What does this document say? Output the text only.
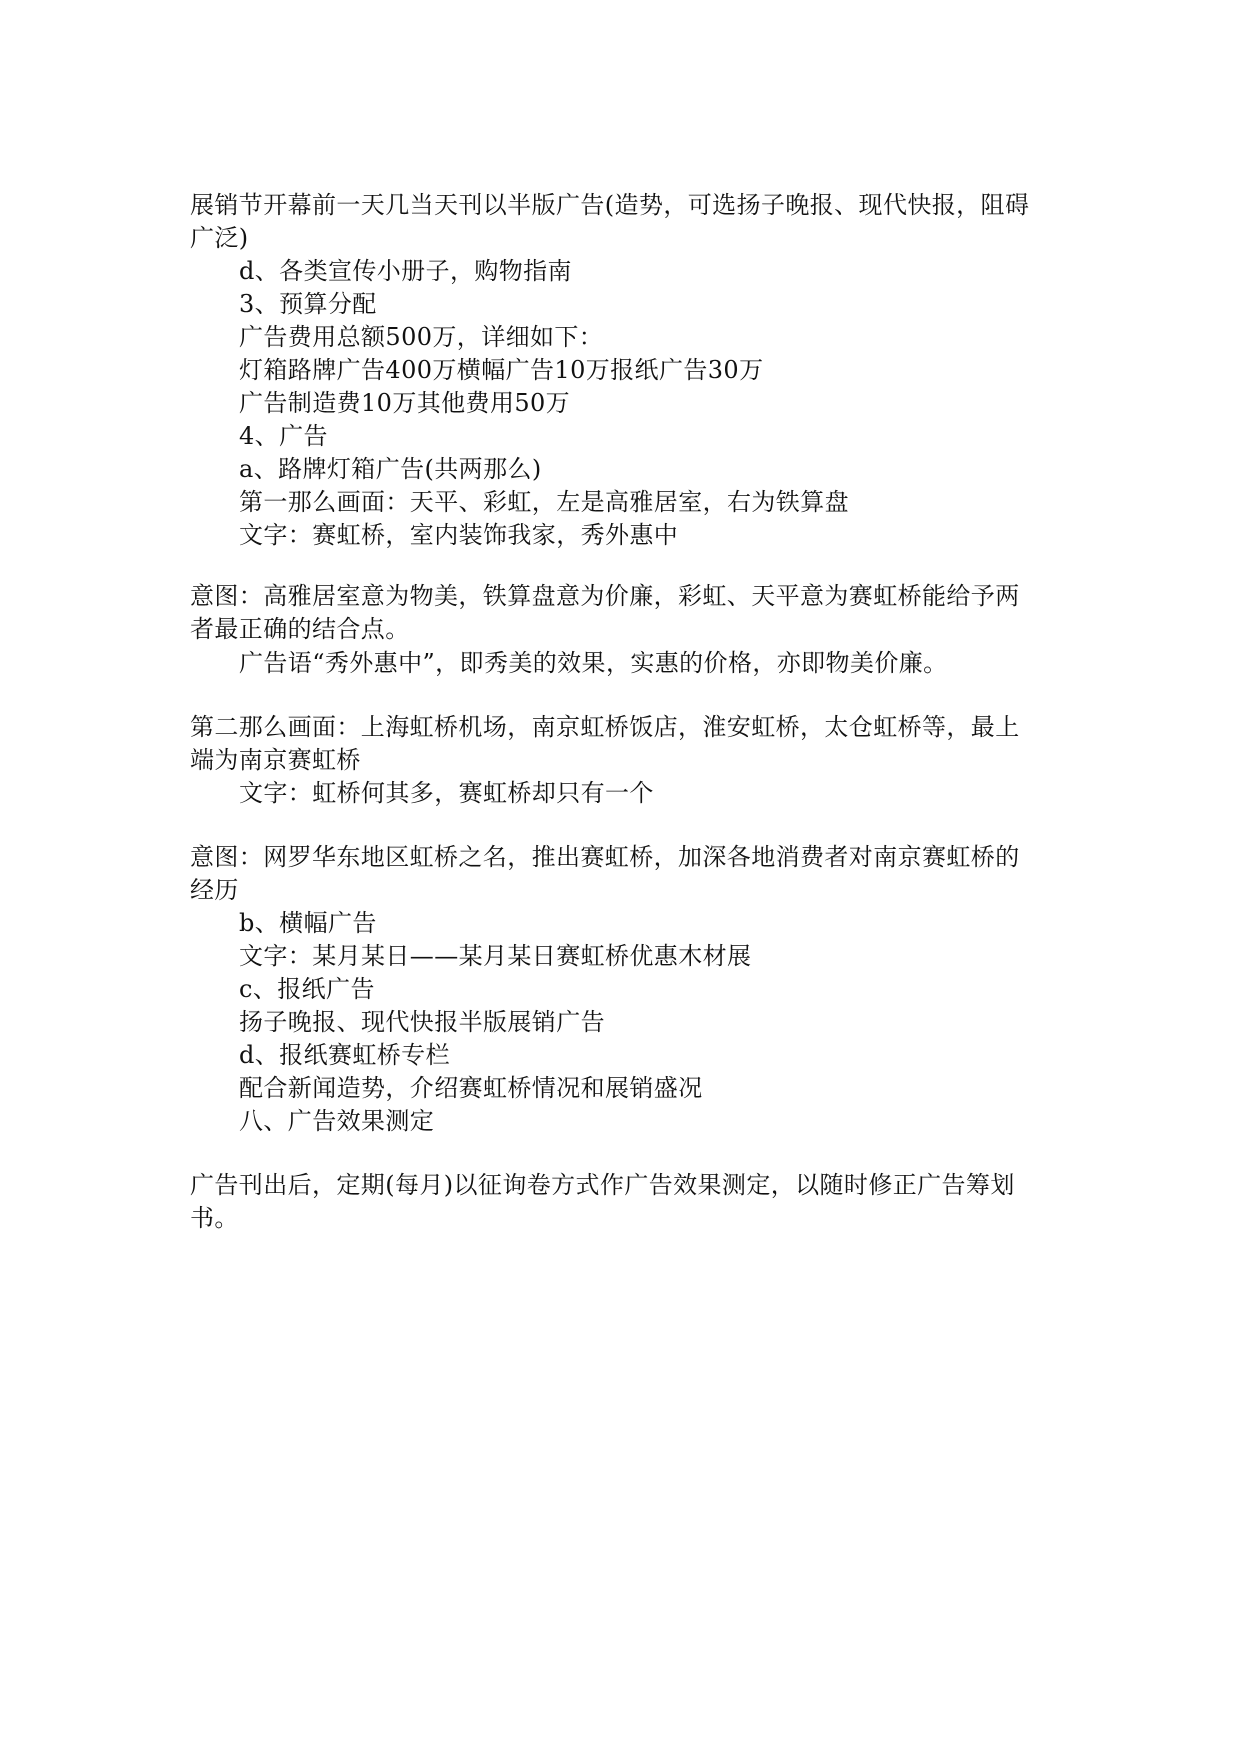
展销节开幕前一天几当天刊以半版广告(造势，可选扬子晚报、现代快报，阻碍
广泛)
d、各类宣传小册子，购物指南
3、预算分配
广告费用总额500万，详细如下：
灯箱路牌广告400万横幅广告10万报纸广告30万
广告制造费10万其他费用50万
4、广告
a、路牌灯箱广告(共两那么)
第一那么画面：天平、彩虹，左是高雅居室，右为铁算盘
文字：赛虹桥，室内装饰我家，秀外惠中
意图：高雅居室意为物美，铁算盘意为价廉，彩虹、天平意为赛虹桥能给予两
者最正确的结合点。
广告语“秀外惠中”，即秀美的效果，实惠的价格，亦即物美价廉。
第二那么画面：上海虹桥机场，南京虹桥饭店，淮安虹桥，太仓虹桥等，最上
端为南京赛虹桥
文字：虹桥何其多，赛虹桥却只有一个
意图：网罗华东地区虹桥之名，推出赛虹桥，加深各地消费者对南京赛虹桥的
经历
b、横幅广告
文字：某月某日——某月某日赛虹桥优惠木材展
c、报纸广告
扬子晚报、现代快报半版展销广告
d、报纸赛虹桥专栏
配合新闻造势，介绍赛虹桥情况和展销盛况
八、广告效果测定
广告刊出后，定期(每月)以征询卷方式作广告效果测定，以随时修正广告筹划
书。
